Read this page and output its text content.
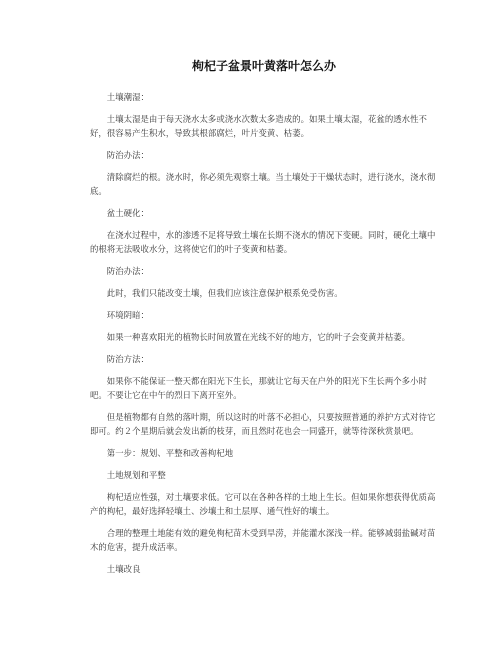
枸杞子盆景叶黄落叶怎么办

土壤潮湿：

土壤太湿是由于每天浇水太多或浇水次数太多造成的。如果土壤太湿，花盆的透水性不好，很容易产生积水，导致其根部腐烂，叶片变黄、枯萎。

防治办法：

清除腐烂的根。浇水时，你必须先观察土壤。当土壤处于干燥状态时，进行浇水，浇水彻底。

盆土硬化：

在浇水过程中，水的渗透不足将导致土壤在长期不浇水的情况下变硬。同时，硬化土壤中的根将无法吸收水分，这将使它们的叶子变黄和枯萎。

防治办法：

此时，我们只能改变土壤，但我们应该注意保护根系免受伤害。

环境阴暗：

如果一种喜欢阳光的植物长时间放置在光线不好的地方，它的叶子会变黄并枯萎。

防治方法：

如果你不能保证一整天都在阳光下生长，那就让它每天在户外的阳光下生长两个多小时吧。不要让它在中午的烈日下离开室外。

但是植物都有自然的落叶期，所以这时的叶落不必担心，只要按照普通的养护方式对待它即可。约２个星期后就会发出新的枝芽，而且然时花也会一同盛开，就等待深秋赏景吧。

第一步：规划、平整和改善枸杞地

土地规划和平整

枸杞适应性强，对土壤要求低。它可以在各种各样的土地上生长。但如果你想获得优质高产的枸杞，最好选择轻壤土、沙壤土和土层厚、通气性好的壤土。

合理的整理土地能有效的避免枸杞苗木受到旱涝，并能灌水深浅一样。能够减弱盐碱对苗木的危害，提升成活率。

土壤改良
